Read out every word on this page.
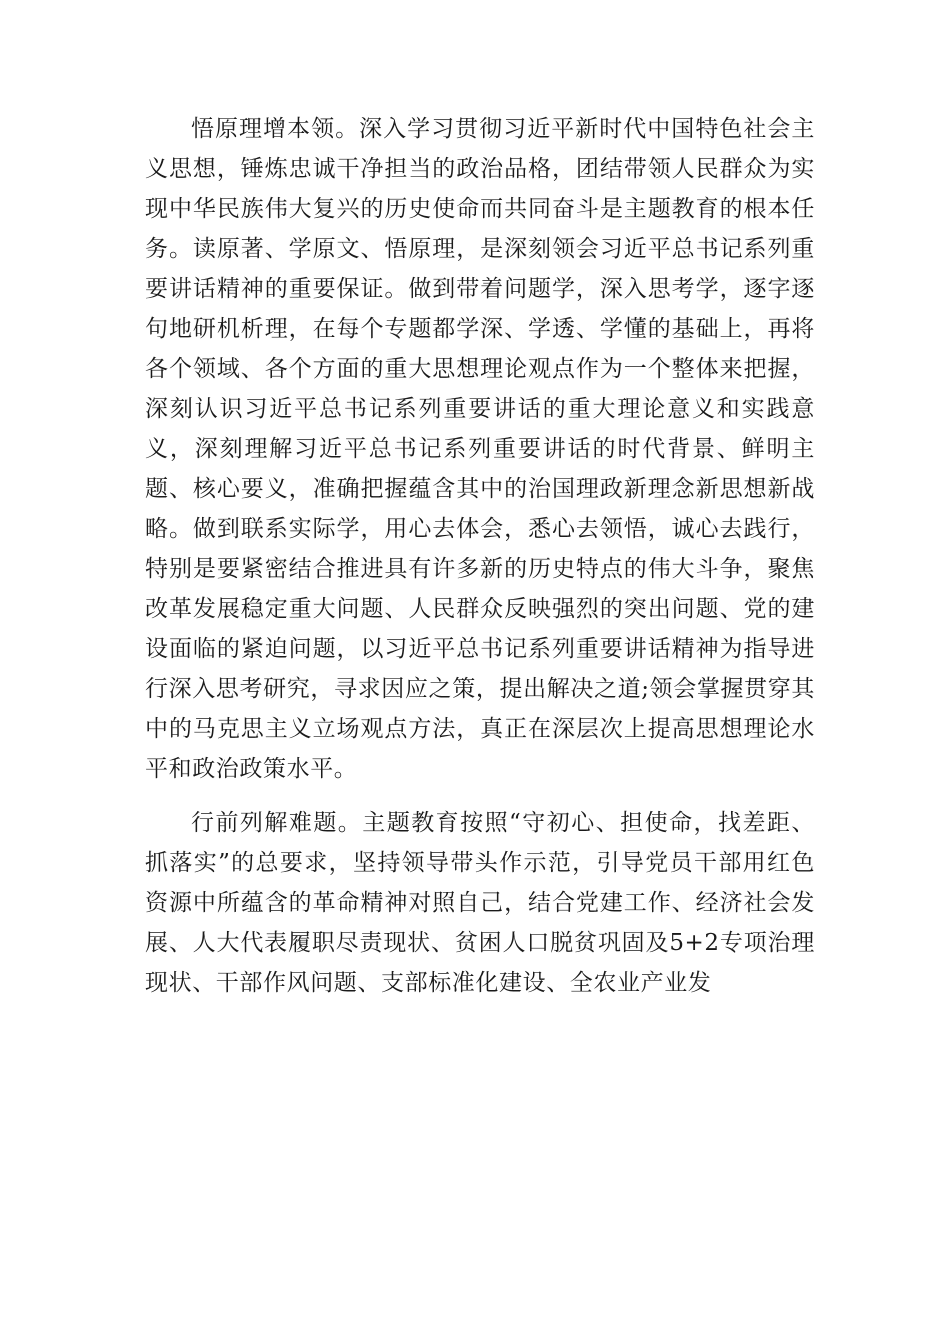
悟原理增本领。深入学习贯彻习近平新时代中国特色社会主义思想，锤炼忠诚干净担当的政治品格，团结带领人民群众为实现中华民族伟大复兴的历史使命而共同奋斗是主题教育的根本任务。读原著、学原文、悟原理，是深刻领会习近平总书记系列重要讲话精神的重要保证。做到带着问题学，深入思考学，逐字逐句地研机析理，在每个专题都学深、学透、学懂的基础上，再将各个领域、各个方面的重大思想理论观点作为一个整体来把握，深刻认识习近平总书记系列重要讲话的重大理论意义和实践意义，深刻理解习近平总书记系列重要讲话的时代背景、鲜明主题、核心要义，准确把握蕴含其中的治国理政新理念新思想新战略。做到联系实际学，用心去体会，悉心去领悟，诚心去践行，特别是要紧密结合推进具有许多新的历史特点的伟大斗争，聚焦改革发展稳定重大问题、人民群众反映强烈的突出问题、党的建设面临的紧迫问题，以习近平总书记系列重要讲话精神为指导进行深入思考研究，寻求因应之策，提出解决之道;领会掌握贯穿其中的马克思主义立场观点方法，真正在深层次上提高思想理论水平和政治政策水平。

行前列解难题。主题教育按照“守初心、担使命，找差距、抓落实”的总要求，坚持领导带头作示范，引导党员干部用红色资源中所蕴含的革命精神对照自己，结合党建工作、经济社会发展、人大代表履职尽责现状、贫困人口脱贫巩固及5+2专项治理现状、干部作风问题、支部标准化建设、全农业产业发
